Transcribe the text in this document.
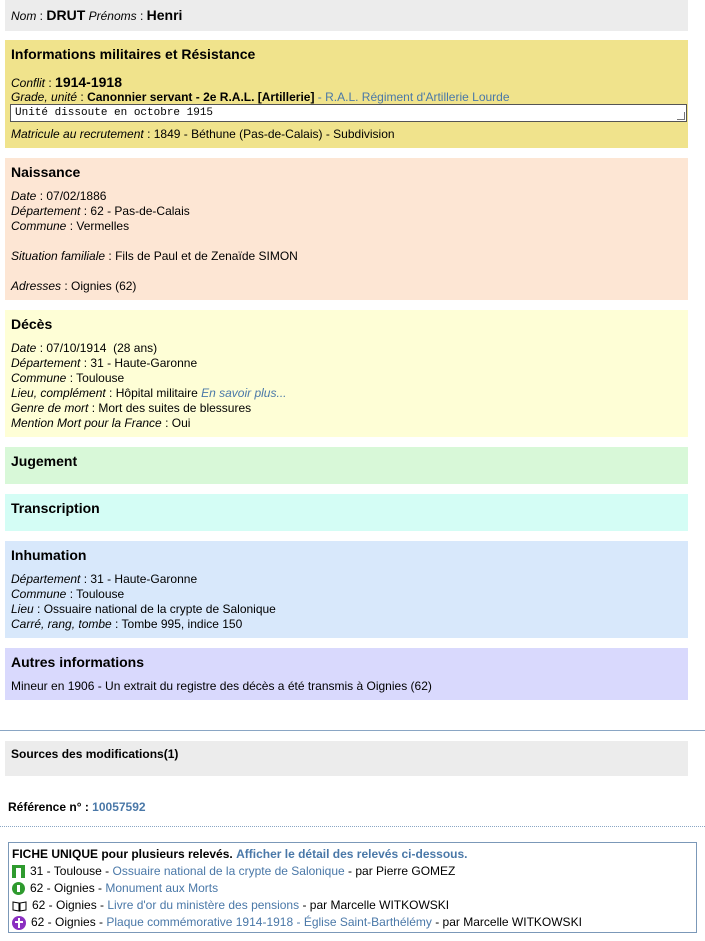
Nom : DRUT Prénoms : Henri
Informations militaires et Résistance
Conflit : 1914-1918
Grade, unité : Canonnier servant - 2e R.A.L. [Artillerie] - R.A.L. Régiment d'Artillerie Lourde
Unité dissoute en octobre 1915
Matricule au recrutement : 1849 - Béthune (Pas-de-Calais) - Subdivision
Naissance
Date : 07/02/1886
Département : 62 - Pas-de-Calais
Commune : Vermelles
Situation familiale : Fils de Paul et de Zenaïde SIMON
Adresses : Oignies (62)
Décès
Date : 07/10/1914  (28 ans)
Département : 31 - Haute-Garonne
Commune : Toulouse
Lieu, complément : Hôpital militaire En savoir plus...
Genre de mort : Mort des suites de blessures
Mention Mort pour la France : Oui
Jugement
Transcription
Inhumation
Département : 31 - Haute-Garonne
Commune : Toulouse
Lieu : Ossuaire national de la crypte de Salonique
Carré, rang, tombe : Tombe 995, indice 150
Autres informations
Mineur en 1906 - Un extrait du registre des décès a été transmis à Oignies (62)
Sources des modifications(1)
Référence n° : 10057592
FICHE UNIQUE pour plusieurs relevés.
Afficher le détail des relevés ci-dessous.
31 - Toulouse -
Ossuaire national de la crypte de Salonique
- par Pierre GOMEZ
62 - Oignies -
Monument aux Morts
62 - Oignies -
Livre d'or du ministère des pensions
- par Marcelle WITKOWSKI
62 - Oignies -
Plaque commémorative 1914-1918 - Église Saint-Barthélémy
- par Marcelle WITKOWSKI
